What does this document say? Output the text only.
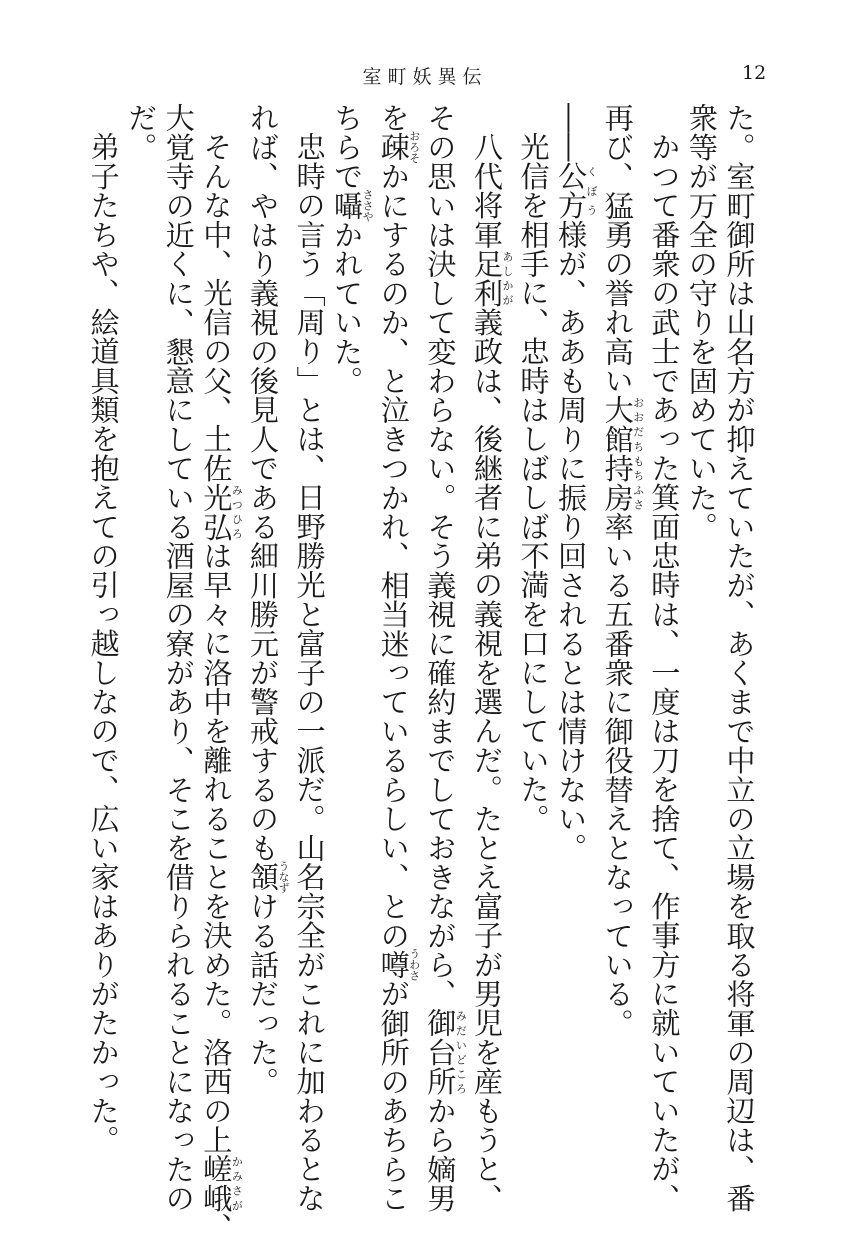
室町妖異伝	12

た。室町御所は山名方が抑えていたが、あくまで中立の立場を取る将軍の周辺は、番

衆等が万全の守りを固めていた。

かつて番衆の武士であった箕面忠時は、一度は刀を捨て、作事方に就いていたが、

再び、猛勇の誉れ高い大館持房おおだちもちふさ率いる五番衆に御役替えとなっている。

――公方くぼう様が、ああも周りに振り回されるとは情けない。

光信を相手に、忠時はしばしば不満を口にしていた。

八代将軍足利あしかが義政は、後継者に弟の義視を選んだ。たとえ富子が男児を産もうと、

その思いは決して変わらない。そう義視に確約までしておきながら、御台所みだいどころから嫡男

を疎おろそかにするのか、と泣きつかれ、相当迷っているらしい、との噂うわさが御所のあちらこ

ちらで囁ささやかれていた。

忠時の言う「周り」とは、日野勝光と富子の一派だ。山名宗全がこれに加わるとな

れば、やはり義視の後見人である細川勝元が警戒するのも頷うなずける話だった。

そんな中、光信の父、土佐光弘みつひろは早々に洛中を離れることを決めた。洛西の上嵯峨かみさが、

大覚寺の近くに、懇意にしている酒屋の寮があり、そこを借りられることになったの

だ。

弟子たちや、絵道具類を抱えての引っ越しなので、広い家はありがたかった。
